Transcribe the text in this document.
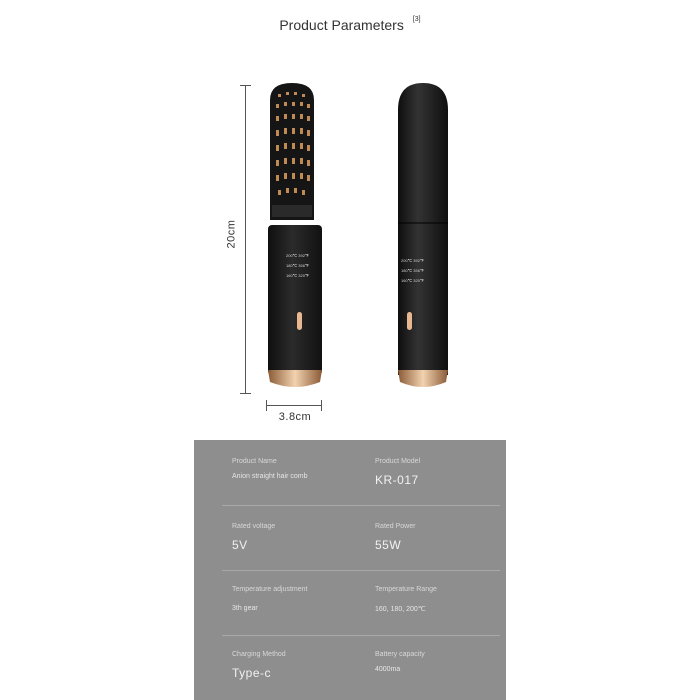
Product Parameters [3]
20cm
3.8cm
200℃ 392℉
180℃ 356℉
160℃ 320℉
200℃ 392℉
180℃ 356℉
160℃ 320℉
Product Name
Anion straight hair comb
Product Model
KR-017
Rated voltage
5V
Rated Power
55W
Temperature adjustment
3th gear
Temperature Range
160, 180, 200℃
Charging Method
Type-c
Battery capacity
4000ma
